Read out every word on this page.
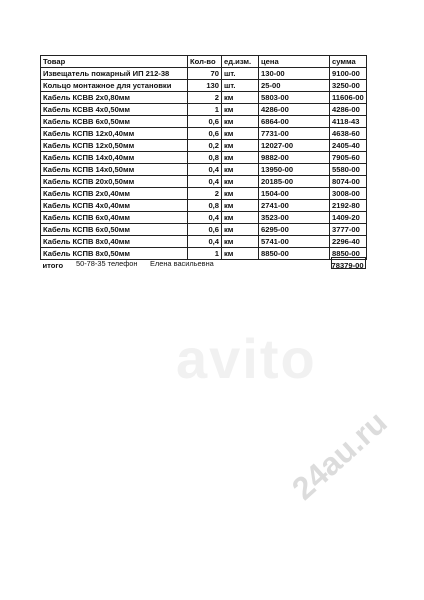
Товар	Кол-во	ед.изм.	цена	сумма
Извещатель пожарный ИП 212-38	70	шт.	130-00	9100-00
Кольцо монтажное для установки	130	шт.	25-00	3250-00
Кабель КСВВ 2х0,80мм	2	км	5803-00	11606-00
Кабель КСВВ 4х0,50мм	1	км	4286-00	4286-00
Кабель КСВВ 6х0,50мм	0,6	км	6864-00	4118-43
Кабель КСПВ 12х0,40мм	0,6	км	7731-00	4638-60
Кабель КСПВ 12х0,50мм	0,2	км	12027-00	2405-40
Кабель КСПВ 14х0,40мм	0,8	км	9882-00	7905-60
Кабель КСПВ 14х0,50мм	0,4	км	13950-00	5580-00
Кабель КСПВ 20х0,50мм	0,4	км	20185-00	8074-00
Кабель КСПВ 2х0,40мм	2	км	1504-00	3008-00
Кабель КСПВ 4х0,40мм	0,8	км	2741-00	2192-80
Кабель КСПВ 6х0,40мм	0,4	км	3523-00	1409-20
Кабель КСПВ 6х0,50мм	0,6	км	6295-00	3777-00
Кабель КСПВ 8х0,40мм	0,4	км	5741-00	2296-40
Кабель КСПВ 8х0,50мм	1	км	8850-00	8850-00
итого				78379-00
50-78-35 телефон Елена васильевна
avito
24au.ru
